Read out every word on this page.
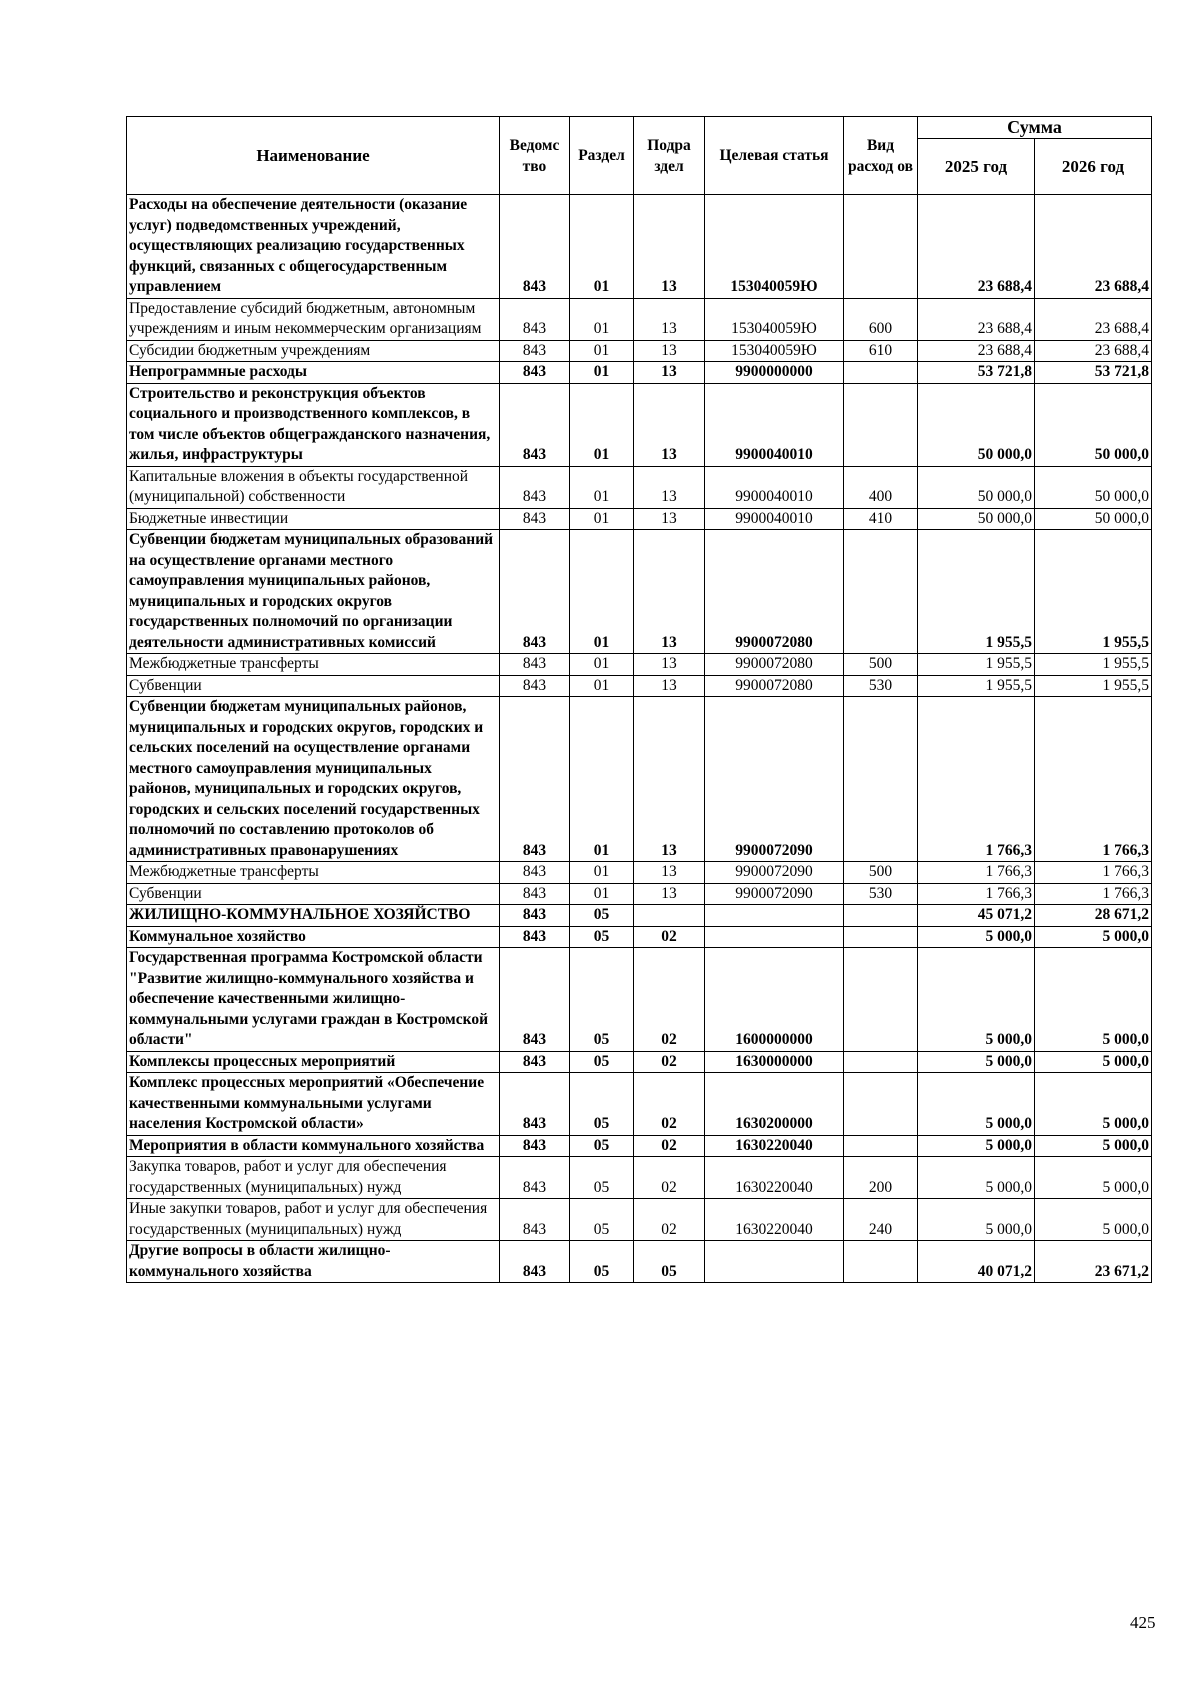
Наименование	Ведомс тво	Раздел	Подра здел	Целевая статья	Вид расход ов	Сумма	
						2025 год	2026 год
Расходы на обеспечение деятельности (оказание услуг) подведомственных учреждений, осуществляющих реализацию государственных функций, связанных с общегосударственным управлением	843	01	13	153040059Ю		23 688,4	23 688,4
Предоставление субсидий бюджетным, автономным учреждениям и иным некоммерческим организациям	843	01	13	153040059Ю	600	23 688,4	23 688,4
Субсидии бюджетным учреждениям	843	01	13	153040059Ю	610	23 688,4	23 688,4
Непрограммные расходы	843	01	13	9900000000		53 721,8	53 721,8
Строительство и реконструкция объектов социального и производственного комплексов, в том числе объектов общегражданского назначения, жилья, инфраструктуры	843	01	13	9900040010		50 000,0	50 000,0
Капитальные вложения в объекты государственной (муниципальной) собственности	843	01	13	9900040010	400	50 000,0	50 000,0
Бюджетные инвестиции	843	01	13	9900040010	410	50 000,0	50 000,0
Субвенции бюджетам муниципальных образований на осуществление органами местного самоуправления муниципальных районов, муниципальных и городских округов государственных полномочий по организации деятельности административных комиссий	843	01	13	9900072080		1 955,5	1 955,5
Межбюджетные трансферты	843	01	13	9900072080	500	1 955,5	1 955,5
Субвенции	843	01	13	9900072080	530	1 955,5	1 955,5
Субвенции бюджетам муниципальных районов, муниципальных и городских округов, городских и сельских поселений на осуществление органами местного самоуправления муниципальных районов, муниципальных и городских округов, городских и сельских поселений государственных полномочий по составлению протоколов об административных правонарушениях	843	01	13	9900072090		1 766,3	1 766,3
Межбюджетные трансферты	843	01	13	9900072090	500	1 766,3	1 766,3
Субвенции	843	01	13	9900072090	530	1 766,3	1 766,3
ЖИЛИЩНО-КОММУНАЛЬНОЕ ХОЗЯЙСТВО	843	05				45 071,2	28 671,2
Коммунальное хозяйство	843	05	02			5 000,0	5 000,0
Государственная программа Костромской области "Развитие жилищно-коммунального хозяйства и обеспечение качественными жилищно-коммунальными услугами граждан в Костромской области"	843	05	02	1600000000		5 000,0	5 000,0
Комплексы процессных мероприятий	843	05	02	1630000000		5 000,0	5 000,0
Комплекс процессных мероприятий «Обеспечение качественными коммунальными услугами населения Костромской области»	843	05	02	1630200000		5 000,0	5 000,0
Мероприятия в области коммунального хозяйства	843	05	02	1630220040		5 000,0	5 000,0
Закупка товаров, работ и услуг для обеспечения государственных (муниципальных) нужд	843	05	02	1630220040	200	5 000,0	5 000,0
Иные закупки товаров, работ и услуг для обеспечения государственных (муниципальных) нужд	843	05	02	1630220040	240	5 000,0	5 000,0
Другие вопросы в области жилищно-коммунального хозяйства	843	05	05			40 071,2	23 671,2
425
